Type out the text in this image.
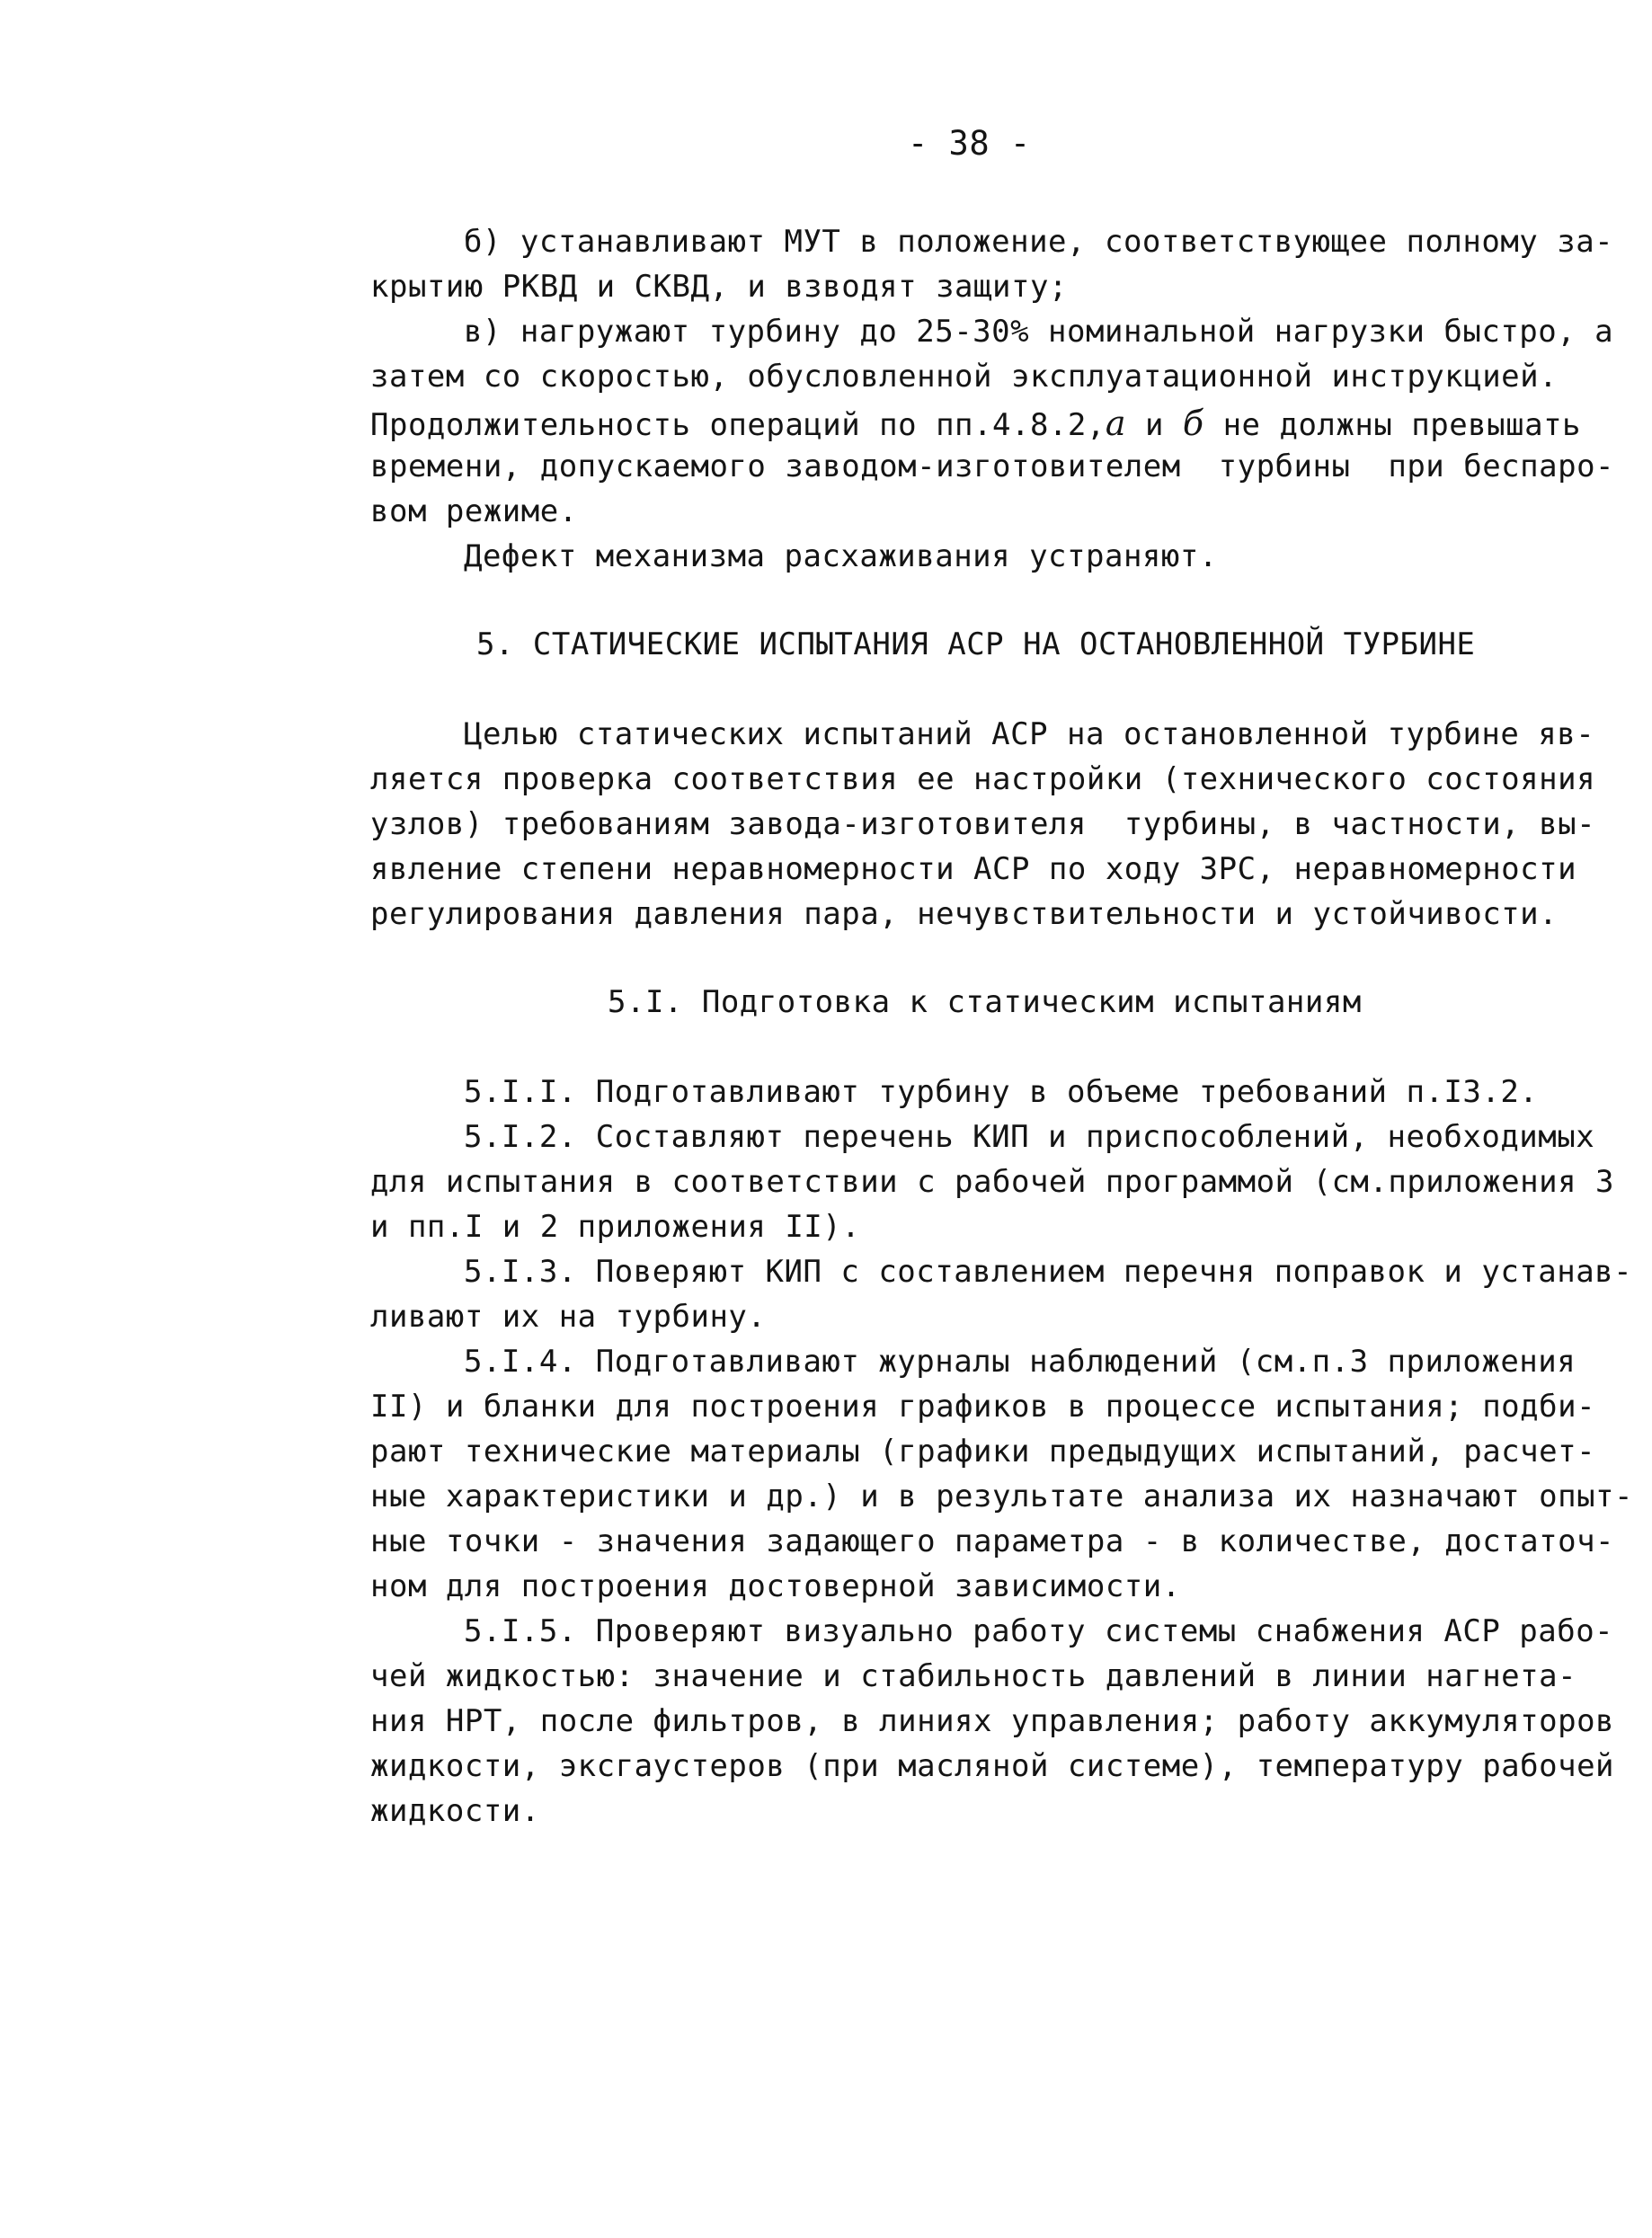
- 38 -
б) устанавливают МУТ в положение, соответствующее полному за-
крытию РКВД и СКВД, и взводят защиту;
в) нагружают турбину до 25-30% номинальной нагрузки быстро, а
затем со скоростью, обусловленной эксплуатационной инструкцией.
Продолжительность операций по пп.4.8.2,а и б не должны превышать
времени, допускаемого заводом-изготовителем  турбины  при беспаро-
вом режиме.
Дефект механизма расхаживания устраняют.
5. СТАТИЧЕСКИЕ ИСПЫТАНИЯ АСР НА ОСТАНОВЛЕННОЙ ТУРБИНЕ
Целью статических испытаний АСР на остановленной турбине яв-
ляется проверка соответствия ее настройки (технического состояния
узлов) требованиям завода-изготовителя  турбины, в частности, вы-
явление степени неравномерности АСР по ходу ЗРС, неравномерности
регулирования давления пара, нечувствительности и устойчивости.
5.I. Подготовка к статическим испытаниям
5.I.I. Подготавливают турбину в объеме требований п.I3.2.
5.I.2. Составляют перечень КИП и приспособлений, необходимых
для испытания в соответствии с рабочей программой (см.приложения 3
и пп.I и 2 приложения II).
5.I.3. Поверяют КИП с составлением перечня поправок и устанав-
ливают их на турбину.
5.I.4. Подготавливают журналы наблюдений (см.п.3 приложения
II) и бланки для построения графиков в процессе испытания; подби-
рают технические материалы (графики предыдущих испытаний, расчет-
ные характеристики и др.) и в результате анализа их назначают опыт-
ные точки - значения задающего параметра - в количестве, достаточ-
ном для построения достоверной зависимости.
5.I.5. Проверяют визуально работу системы снабжения АСР рабо-
чей жидкостью: значение и стабильность давлений в линии нагнета-
ния НРТ, после фильтров, в линиях управления; работу аккумуляторов
жидкости, эксгаустеров (при масляной системе), температуру рабочей
жидкости.
